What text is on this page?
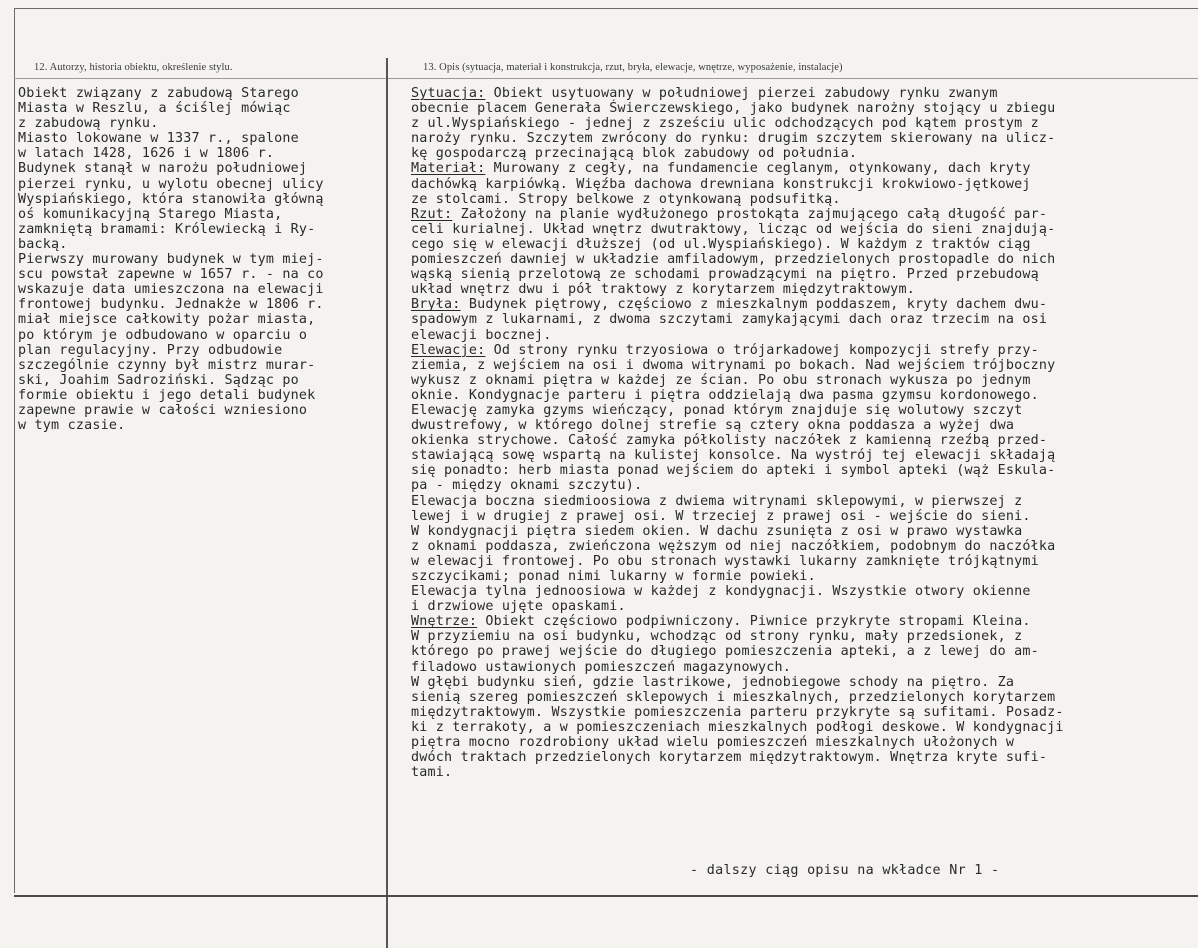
12. Autorzy, historia obiektu, określenie stylu.	13. Opis (sytuacja, materiał i konstrukcja, rzut, bryła, elewacje, wnętrze, wyposażenie, instalacje)
Obiekt związany z zabudową Starego
Miasta w Reszlu, a ściślej mówiąc
z zabudową rynku.
Miasto lokowane w 1337 r., spalone
w latach 1428, 1626 i w 1806 r.
Budynek stanął w narożu południowej
pierzei rynku, u wylotu obecnej ulicy
Wyspiańskiego, która stanowiła główną
oś komunikacyjną Starego Miasta,
zamkniętą bramami: Królewiecką i Ry-
backą.
Pierwszy murowany budynek w tym miej-
scu powstał zapewne w 1657 r. - na co
wskazuje data umieszczona na elewacji
frontowej budynku. Jednakże w 1806 r.
miał miejsce całkowity pożar miasta,
po którym je odbudowano w oparciu o
plan regulacyjny. Przy odbudowie
szczególnie czynny był mistrz murar-
ski, Joahim Sadroziński. Sądząc po
formie obiektu i jego detali budynek
zapewne prawie w całości wzniesiono
w tym czasie.
Sytuacja: Obiekt usytuowany w południowej pierzei zabudowy rynku zwanym
obecnie placem Generała Świerczewskiego, jako budynek narożny stojący u zbiegu
z ul.Wyspiańskiego - jednej z zsześciu ulic odchodzących pod kątem prostym z
naroży rynku. Szczytem zwrócony do rynku: drugim szczytem skierowany na ulicz-
kę gospodarczą przecinającą blok zabudowy od południa.
Materiał: Murowany z cegły, na fundamencie ceglanym, otynkowany, dach kryty
dachówką karpiówką. Więźba dachowa drewniana konstrukcji krokwiowo-jętkowej
ze stolcami. Stropy belkowe z otynkowaną podsufitką.
Rzut: Założony na planie wydłużonego prostokąta zajmującego całą długość par-
celi kurialnej. Układ wnętrz dwutraktowy, licząc od wejścia do sieni znajdują-
cego się w elewacji dłuższej (od ul.Wyspiańskiego). W każdym z traktów ciąg
pomieszczeń dawniej w układzie amfiladowym, przedzielonych prostopadle do nich
wąską sienią przelotową ze schodami prowadzącymi na piętro. Przed przebudową
układ wnętrz dwu i pół traktowy z korytarzem międzytraktowym.
Bryła: Budynek piętrowy, częściowo z mieszkalnym poddaszem, kryty dachem dwu-
spadowym z lukarnami, z dwoma szczytami zamykającymi dach oraz trzecim na osi
elewacji bocznej.
Elewacje: Od strony rynku trzyosiowa o trójarkadowej kompozycji strefy przy-
ziemia, z wejściem na osi i dwoma witrynami po bokach. Nad wejściem trójboczny
wykusz z oknami piętra w każdej ze ścian. Po obu stronach wykusza po jednym
oknie. Kondygnacje parteru i piętra oddzielają dwa pasma gzymsu kordonowego.
Elewację zamyka gzyms wieńczący, ponad którym znajduje się wolutowy szczyt
dwustrefowy, w którego dolnej strefie są cztery okna poddasza a wyżej dwa
okienka strychowe. Całość zamyka półkolisty naczółek z kamienną rzeźbą przed-
stawiającą sowę wspartą na kulistej konsolce. Na wystrój tej elewacji składają
się ponadto: herb miasta ponad wejściem do apteki i symbol apteki (wąż Eskula-
pa - między oknami szczytu).
Elewacja boczna siedmioosiowa z dwiema witrynami sklepowymi, w pierwszej z
lewej i w drugiej z prawej osi. W trzeciej z prawej osi - wejście do sieni.
W kondygnacji piętra siedem okien. W dachu zsunięta z osi w prawo wystawka
z oknami poddasza, zwieńczona węższym od niej naczółkiem, podobnym do naczółka
w elewacji frontowej. Po obu stronach wystawki lukarny zamknięte trójkątnymi
szczycikami; ponad nimi lukarny w formie powieki.
Elewacja tylna jednoosiowa w każdej z kondygnacji. Wszystkie otwory okienne
i drzwiowe ujęte opaskami.
Wnętrze: Obiekt częściowo podpiwniczony. Piwnice przykryte stropami Kleina.
W przyziemiu na osi budynku, wchodząc od strony rynku, mały przedsionek, z
którego po prawej wejście do długiego pomieszczenia apteki, a z lewej do am-
filadowo ustawionych pomieszczeń magazynowych.
W głębi budynku sień, gdzie lastrikowe, jednobiegowe schody na piętro. Za
sienią szereg pomieszczeń sklepowych i mieszkalnych, przedzielonych korytarzem
międzytraktowym. Wszystkie pomieszczenia parteru przykryte są sufitami. Posadz-
ki z terrakoty, a w pomieszczeniach mieszkalnych podłogi deskowe. W kondygnacji
piętra mocno rozdrobiony układ wielu pomieszczeń mieszkalnych ułożonych w
dwóch traktach przedzielonych korytarzem międzytraktowym. Wnętrza kryte sufi-
tami.
- dalszy ciąg opisu na wkładce Nr 1 -
